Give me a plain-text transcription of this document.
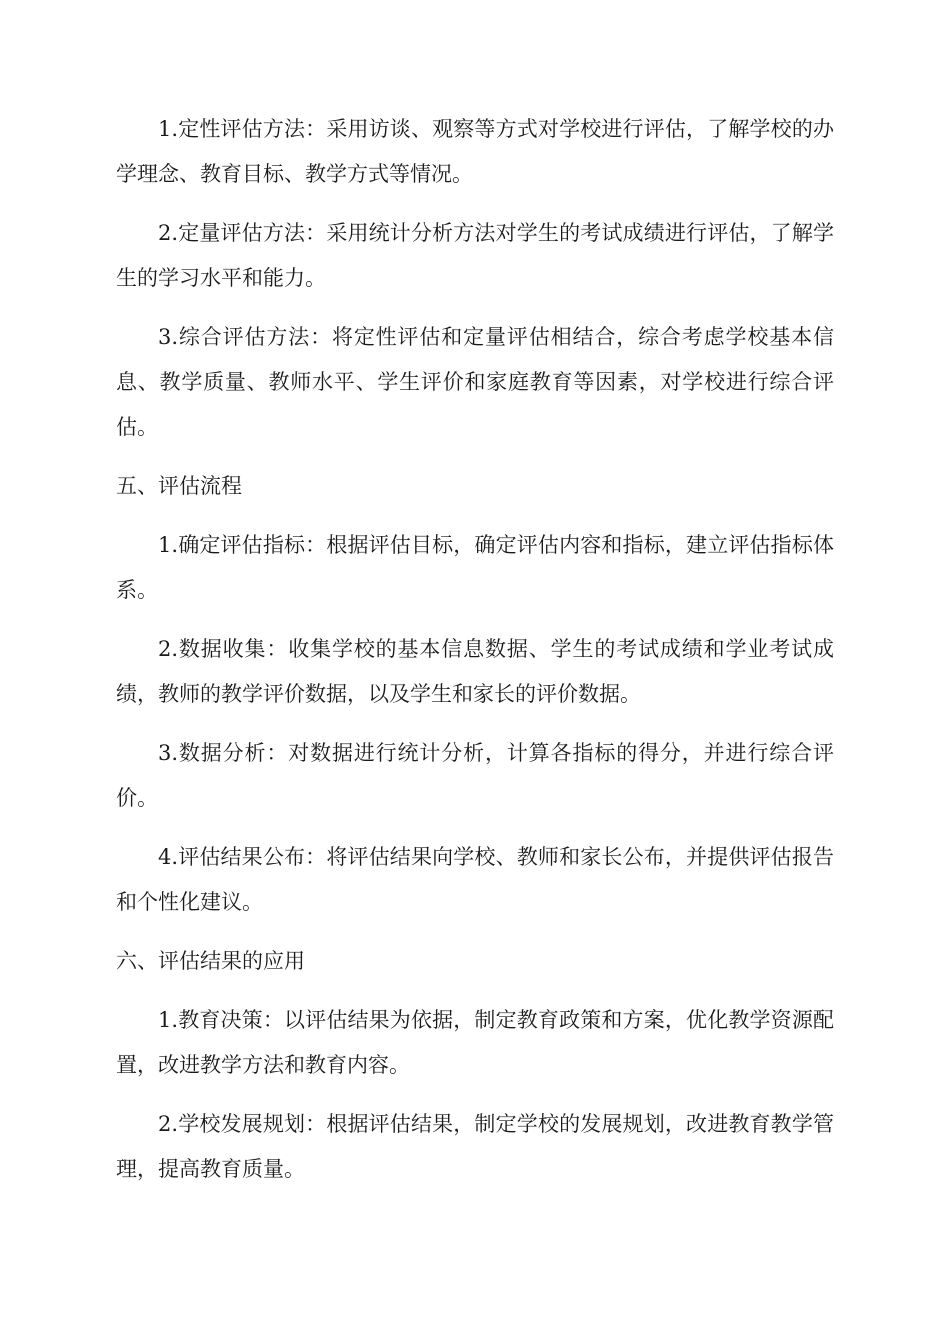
1.定性评估方法：采用访谈、观察等方式对学校进行评估，了解学校的办学理念、教育目标、教学方式等情况。

2.定量评估方法：采用统计分析方法对学生的考试成绩进行评估，了解学生的学习水平和能力。

3.综合评估方法：将定性评估和定量评估相结合，综合考虑学校基本信息、教学质量、教师水平、学生评价和家庭教育等因素，对学校进行综合评估。

五、评估流程

1.确定评估指标：根据评估目标，确定评估内容和指标，建立评估指标体系。

2.数据收集：收集学校的基本信息数据、学生的考试成绩和学业考试成绩，教师的教学评价数据，以及学生和家长的评价数据。

3.数据分析：对数据进行统计分析，计算各指标的得分，并进行综合评价。

4.评估结果公布：将评估结果向学校、教师和家长公布，并提供评估报告和个性化建议。

六、评估结果的应用

1.教育决策：以评估结果为依据，制定教育政策和方案，优化教学资源配置，改进教学方法和教育内容。

2.学校发展规划：根据评估结果，制定学校的发展规划，改进教育教学管理，提高教育质量。
